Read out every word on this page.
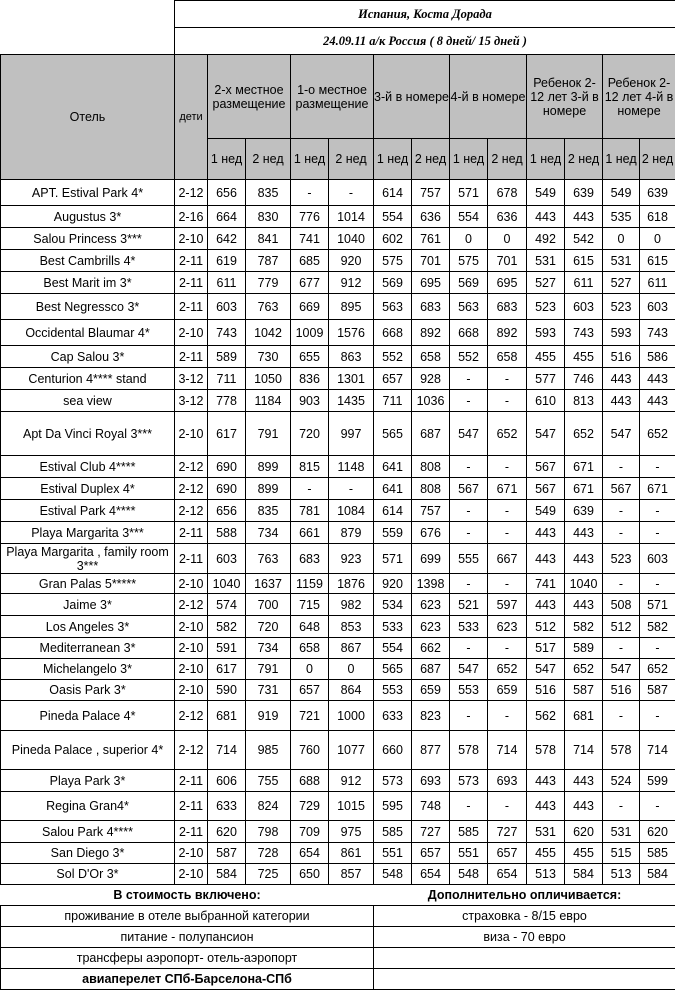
	Испания, Коста Дорада												
	24.09.11 а/к Россия ( 8 дней/ 15 дней )												
Отель	дети	2-х местное размещение		1-о местное размещение		3-й в номере		4-й в номере		Ребенок 2-12 лет 3-й в номере		Ребенок 2-12 лет 4-й в номере	
		1 нед	2 нед	1 нед	2 нед	1 нед	2 нед	1 нед	2 нед	1 нед	2 нед	1 нед	2 нед
APT. Estival Park 4*	2-12	656	835	-	-	614	757	571	678	549	639	549	639
Augustus 3*	2-16	664	830	776	1014	554	636	554	636	443	443	535	618
Salou Princess 3***	2-10	642	841	741	1040	602	761	0	0	492	542	0	0
Best Cambrills 4*	2-11	619	787	685	920	575	701	575	701	531	615	531	615
Best Marit im 3*	2-11	611	779	677	912	569	695	569	695	527	611	527	611
Best Negressco 3*	2-11	603	763	669	895	563	683	563	683	523	603	523	603
Occidental Blaumar 4*	2-10	743	1042	1009	1576	668	892	668	892	593	743	593	743
Cap Salou 3*	2-11	589	730	655	863	552	658	552	658	455	455	516	586
Centurion 4**** stand	3-12	711	1050	836	1301	657	928	-	-	577	746	443	443
sea view	3-12	778	1184	903	1435	711	1036	-	-	610	813	443	443
Apt Da Vinci Royal 3***	2-10	617	791	720	997	565	687	547	652	547	652	547	652
Estival Club 4****	2-12	690	899	815	1148	641	808	-	-	567	671	-	-
Estival Duplex 4*	2-12	690	899	-	-	641	808	567	671	567	671	567	671
Estival Park 4****	2-12	656	835	781	1084	614	757	-	-	549	639	-	-
Playa Margarita 3***	2-11	588	734	661	879	559	676	-	-	443	443	-	-
Playa Margarita , family room 3***	2-11	603	763	683	923	571	699	555	667	443	443	523	603
Gran Palas 5*****	2-10	1040	1637	1159	1876	920	1398	-	-	741	1040	-	-
Jaime 3*	2-12	574	700	715	982	534	623	521	597	443	443	508	571
Los Angeles 3*	2-10	582	720	648	853	533	623	533	623	512	582	512	582
Mediterranean 3*	2-10	591	734	658	867	554	662	-	-	517	589	-	-
Michelangelo 3*	2-10	617	791	0	0	565	687	547	652	547	652	547	652
Oasis Park 3*	2-10	590	731	657	864	553	659	553	659	516	587	516	587
Pineda Palace 4*	2-12	681	919	721	1000	633	823	-	-	562	681	-	-
Pineda Palace , superior 4*	2-12	714	985	760	1077	660	877	578	714	578	714	578	714
Playa Park 3*	2-11	606	755	688	912	573	693	573	693	443	443	524	599
Regina Gran4*	2-11	633	824	729	1015	595	748	-	-	443	443	-	-
Salou Park 4****	2-11	620	798	709	975	585	727	585	727	531	620	531	620
San Diego 3*	2-10	587	728	654	861	551	657	551	657	455	455	515	585
Sol D'Or 3*	2-10	584	725	650	857	548	654	548	654	513	584	513	584
В стоимость включено:						Дополнительно опличивается:							
проживание в отеле выбранной категории						страховка - 8/15 евро							
питание - полупансион						виза - 70 евро							
трансферы аэропорт- отель-аэропорт													
авиаперелет СПб-Барселона-СПб													
